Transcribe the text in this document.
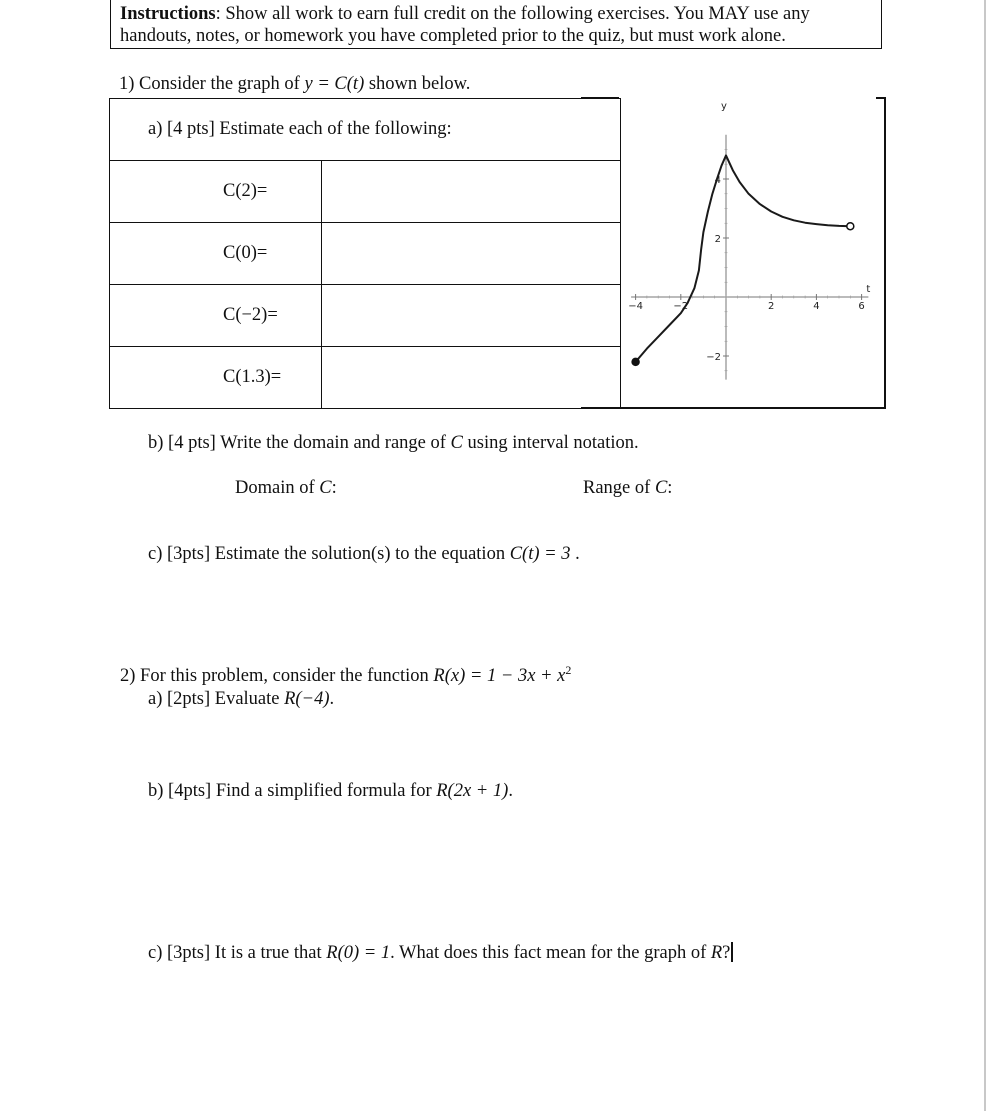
Instructions: Show all work to earn full credit on the following exercises. You MAY use any
handouts, notes, or homework you have completed prior to the quiz, but must work alone.
1) Consider the graph of y = C(t) shown below.
a) [4 pts] Estimate each of the following:	
C(2)=	
C(0)=	
C(−2)=	
C(1.3)=	
−4	−2	2	4	6
−2
2
4
y
t
b) [4 pts] Write the domain and range of C using interval notation.
Domain of C:	Range of C:
c) [3pts] Estimate the solution(s) to the equation C(t) = 3 .
2) For this problem, consider the function $R(x) = 1 - 3x + x^2$
a) [2pts] Evaluate R(−4).
b) [4pts] Find a simplified formula for R(2x + 1).
c) [3pts] It is a true that R(0) = 1. What does this fact mean for the graph of R?
